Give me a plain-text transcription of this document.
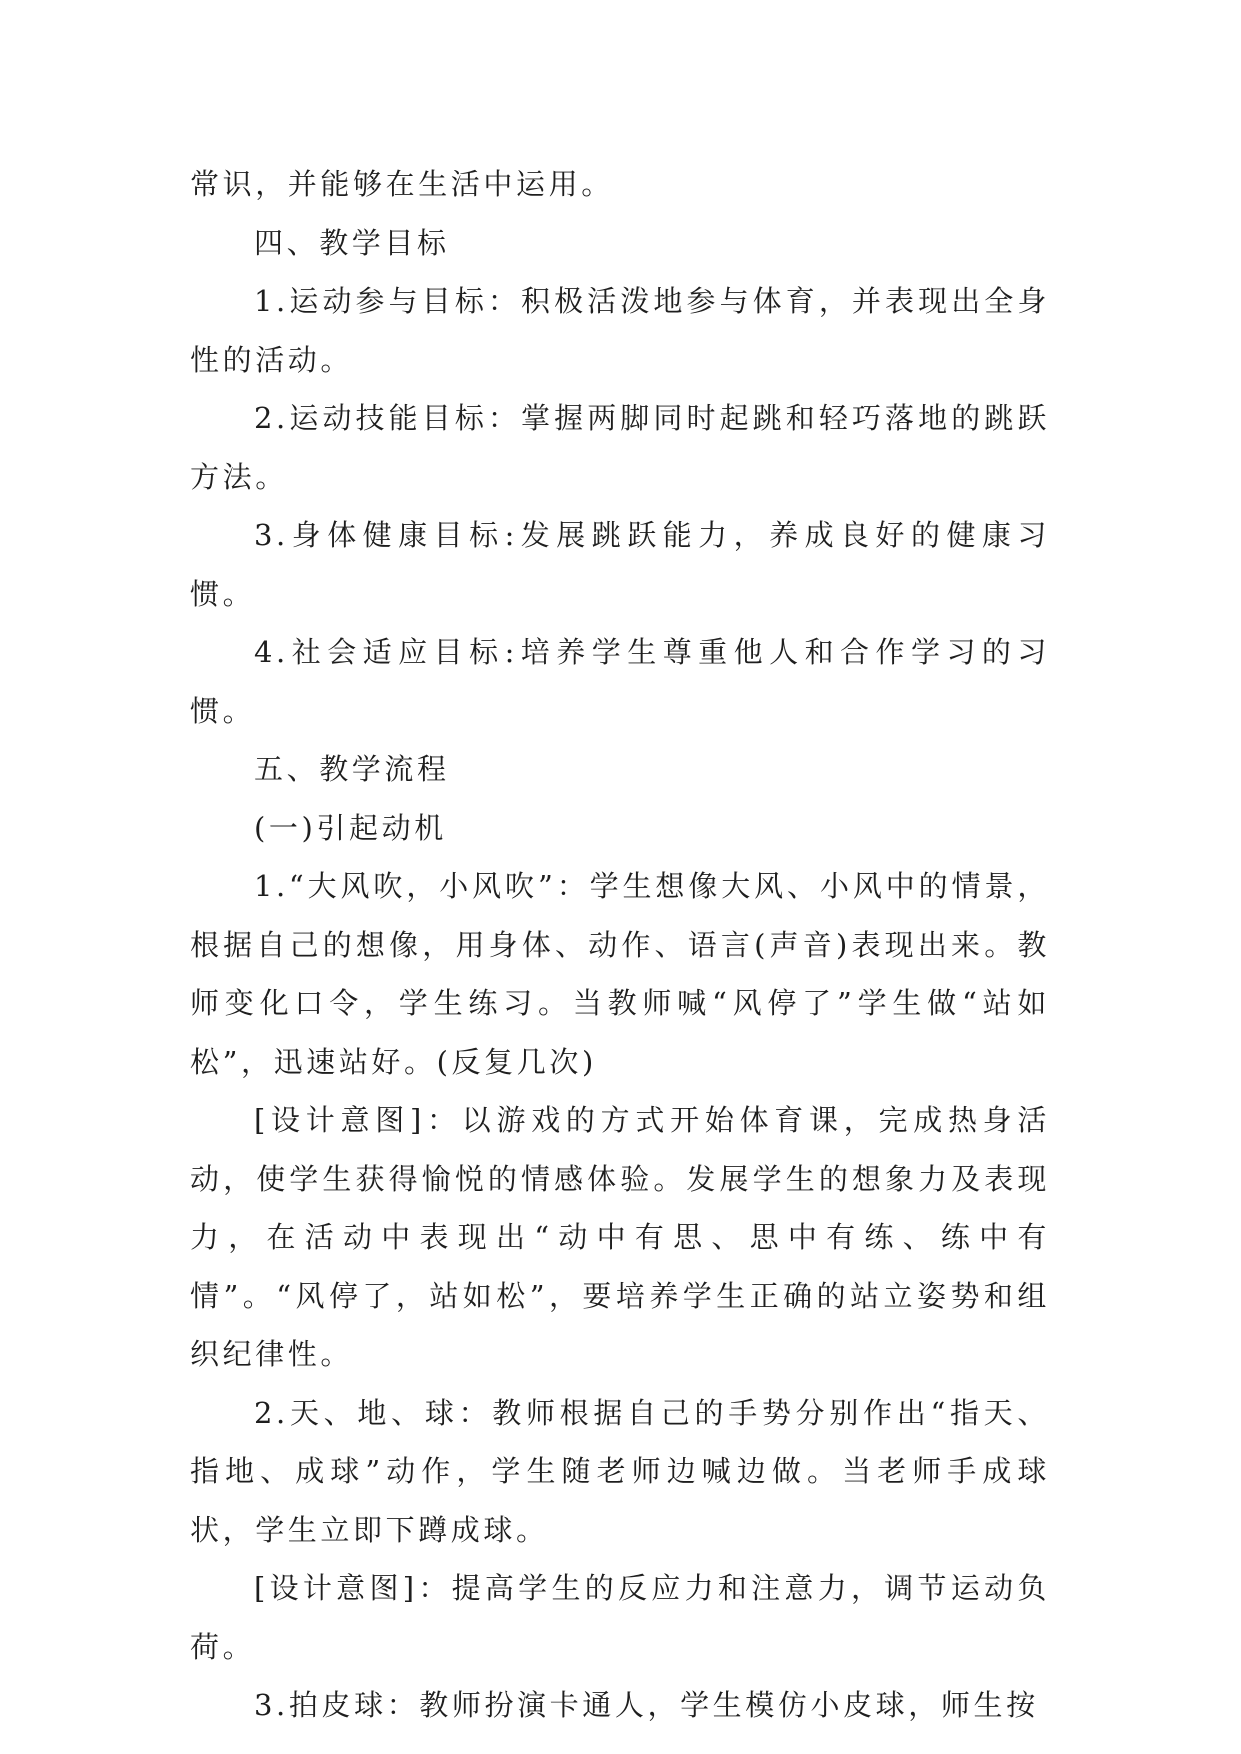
常识，并能够在生活中运用。

四、教学目标

1.运动参与目标：积极活泼地参与体育，并表现出全身性的活动。

2.运动技能目标：掌握两脚同时起跳和轻巧落地的跳跃方法。

3.身体健康目标:发展跳跃能力，养成良好的健康习惯。

4.社会适应目标:培养学生尊重他人和合作学习的习惯。

五、教学流程

(一)引起动机

1.“大风吹，小风吹”：学生想像大风、小风中的情景，根据自己的想像，用身体、动作、语言(声音)表现出来。教师变化口令，学生练习。当教师喊“风停了”学生做“站如松”，迅速站好。(反复几次)

[设计意图]：以游戏的方式开始体育课，完成热身活动，使学生获得愉悦的情感体验。发展学生的想象力及表现力，在活动中表现出“动中有思、思中有练、练中有情”。“风停了，站如松”，要培养学生正确的站立姿势和组织纪律性。

2.天、地、球：教师根据自己的手势分别作出“指天、指地、成球”动作，学生随老师边喊边做。当老师手成球状，学生立即下蹲成球。

[设计意图]：提高学生的反应力和注意力，调节运动负荷。

3.拍皮球：教师扮演卡通人，学生模仿小皮球，师生按
